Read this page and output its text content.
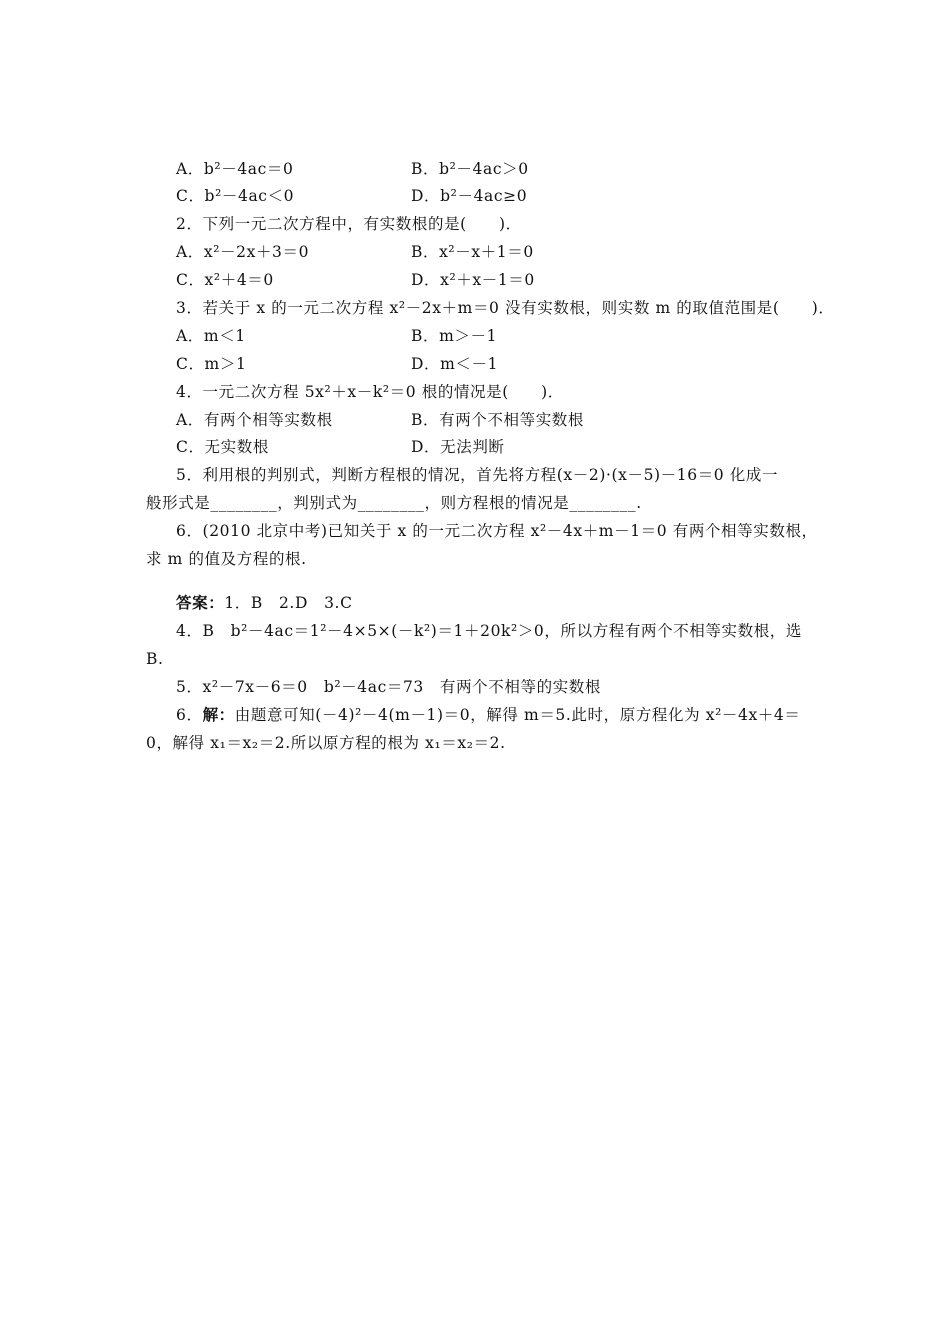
A．b²－4ac＝0	B．b²－4ac＞0
C．b²－4ac＜0	D．b²－4ac≥0
2．下列一元二次方程中，有实数根的是(　　)．
A．x²－2x＋3＝0	B．x²－x＋1＝0
C．x²＋4＝0	D．x²＋x－1＝0
3．若关于 x 的一元二次方程 x²－2x＋m＝0 没有实数根，则实数 m 的取值范围是(　　)．
A．m＜1	B．m＞－1
C．m＞1	D．m＜－1
4．一元二次方程 5x²＋x－k²＝0 根的情况是(　　)．
A．有两个相等实数根	B．有两个不相等实数根
C．无实数根	D．无法判断
5．利用根的判别式，判断方程根的情况，首先将方程(x－2)·(x－5)－16＝0 化成一
般形式是________，判别式为________，则方程根的情况是________.
6．(2010 北京中考)已知关于 x 的一元二次方程 x²－4x＋m－1＝0 有两个相等实数根，
求 m 的值及方程的根.
答案：1．B　2.D　3.C
4．B　b²－4ac＝1²－4×5×(－k²)＝1＋20k²＞0，所以方程有两个不相等实数根，选
B.
5．x²－7x－6＝0　b²－4ac＝73　有两个不相等的实数根
6．解：由题意可知(－4)²－4(m－1)＝0，解得 m＝5.此时，原方程化为 x²－4x＋4＝
0，解得 x₁＝x₂＝2.所以原方程的根为 x₁＝x₂＝2.
